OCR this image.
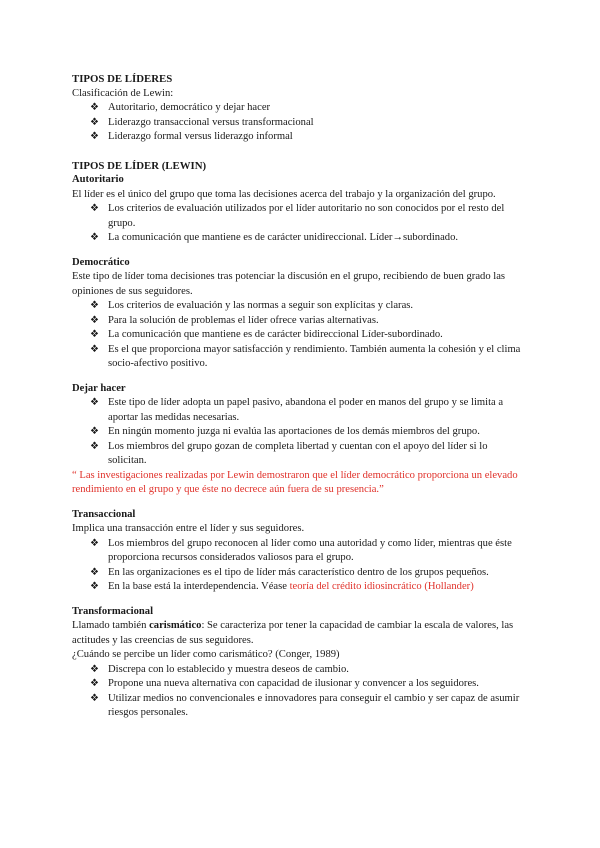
TIPOS DE LÍDERES

Clasificación de Lewin:

❖ Autoritario, democrático y dejar hacer
❖ Liderazgo transaccional versus transformacional
❖ Liderazgo formal versus liderazgo informal

TIPOS DE LÍDER (LEWIN)

Autoritario

El líder es el único del grupo que toma las decisiones acerca del trabajo y la organización del grupo.

❖ Los criterios de evaluación utilizados por el líder autoritario no son conocidos por el resto del grupo.
❖ La comunicación que mantiene es de carácter unidireccional. Líder→subordinado.

Democrático

Este tipo de líder toma decisiones tras potenciar la discusión en el grupo, recibiendo de buen grado las opiniones de sus seguidores.

❖ Los criterios de evaluación y las normas a seguir son explícitas y claras.
❖ Para la solución de problemas el líder ofrece varias alternativas.
❖ La comunicación que mantiene es de carácter bidireccional Líder-subordinado.
❖ Es el que proporciona mayor satisfacción y rendimiento. También aumenta la cohesión y el clima socio-afectivo positivo.

Dejar hacer

❖ Este tipo de líder adopta un papel pasivo, abandona el poder en manos del grupo y se limita a aportar las medidas necesarias.
❖ En ningún momento juzga ni evalúa las aportaciones de los demás miembros del grupo.
❖ Los miembros del grupo gozan de completa libertad y cuentan con el apoyo del líder si lo solicitan.

“ Las investigaciones realizadas por Lewin demostraron que el líder democrático proporciona un elevado rendimiento en el grupo y que éste no decrece aún fuera de su presencia.”

Transaccional

Implica una transacción entre el líder y sus seguidores.

❖ Los miembros del grupo reconocen al líder como una autoridad y como líder, mientras que éste proporciona recursos considerados valiosos para el grupo.
❖ En las organizaciones es el tipo de líder más característico dentro de los grupos pequeños.
❖ En la base está la interdependencia. Véase teoría del crédito idiosincrático (Hollander)

Transformacional

Llamado también carismático: Se caracteriza por tener la capacidad de cambiar la escala de valores, las actitudes y las creencias de sus seguidores.

¿Cuándo se percibe un líder como carismático? (Conger, 1989)

❖ Discrepa con lo establecido y muestra deseos de cambio.
❖ Propone una nueva alternativa con capacidad de ilusionar y convencer a los seguidores.
❖ Utilizar medios no convencionales e innovadores para conseguir el cambio y ser capaz de asumir riesgos personales.
